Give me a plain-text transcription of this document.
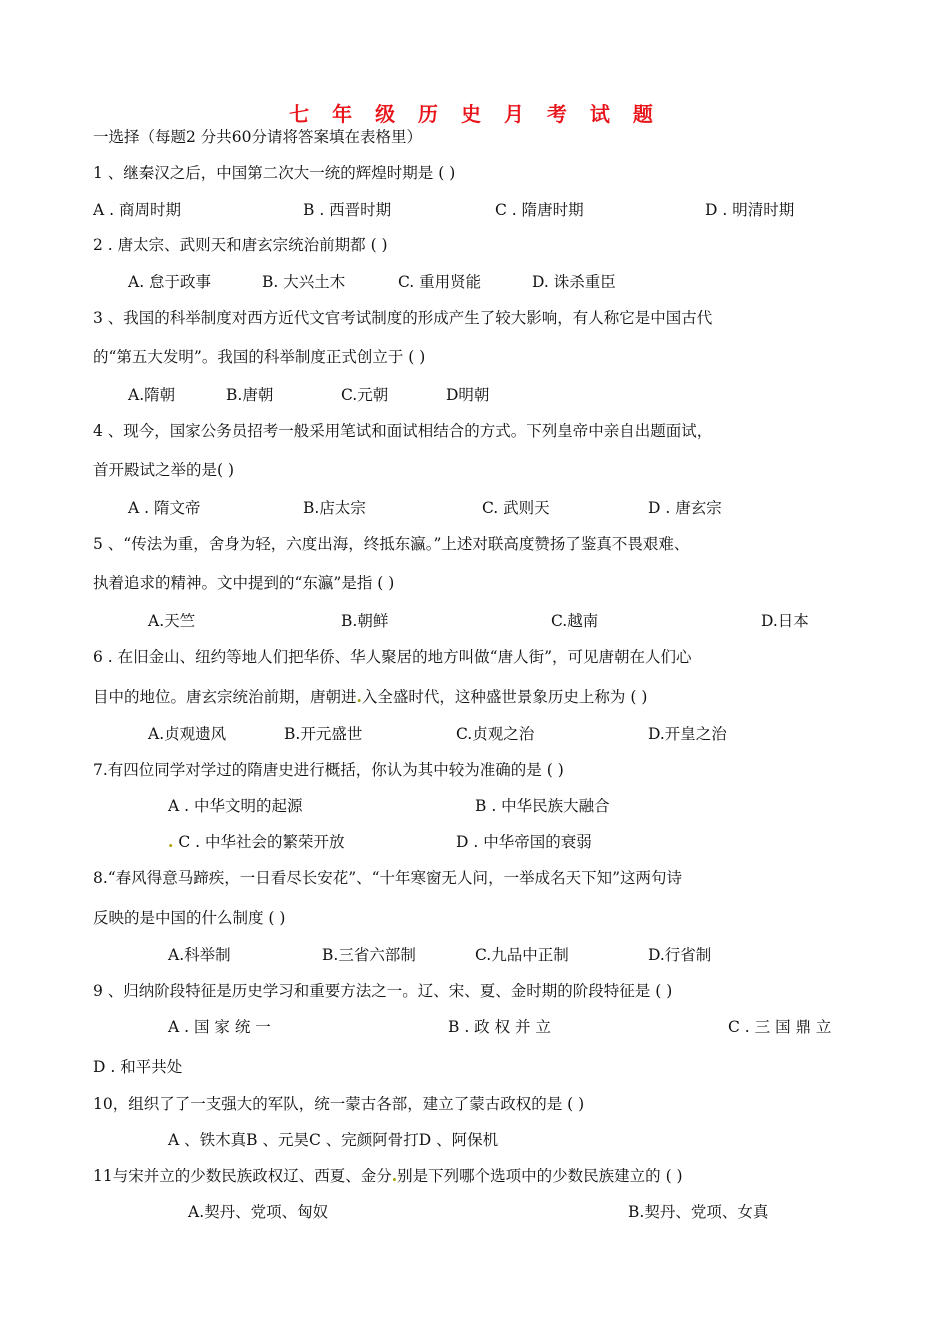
七 年 级 历 史 月 考 试 题
一选择（每题2 分共60分请将答案填在表格里）
1 、继秦汉之后，中国第二次大一统的辉煌时期是 ( )
A . 商周时期	B . 西晋时期	C . 隋唐时期	D . 明清时期
2 . 唐太宗、武则天和唐玄宗统治前期都 ( )
A. 怠于政事	B. 大兴土木	C. 重用贤能	D. 诛杀重臣
3 、我国的科举制度对西方近代文官考试制度的形成产生了较大影响，有人称它是中国古代
的“第五大发明”。我国的科举制度正式创立于 ( )
A.隋朝	B.唐朝	C.元朝	D明朝
4 、现今，国家公务员招考一般采用笔试和面试相结合的方式。下列皇帝中亲自出题面试，
首开殿试之举的是( )
A . 隋文帝	B.店太宗	C. 武则天	D . 唐玄宗
5 、“传法为重，舍身为轻，六度出海，终抵东瀛。”上述对联高度赞扬了鉴真不畏艰难、
执着追求的精神。文中提到的“东瀛”是指 ( )
A.天竺	B.朝鲜	C.越南	D.日本
6 . 在旧金山、纽约等地人们把华侨、华人聚居的地方叫做“唐人街”，可见唐朝在人们心
目中的地位。唐玄宗统治前期，唐朝进.入全盛时代，这种盛世景象历史上称为 ( )
A.贞观遗风	B.开元盛世	C.贞观之治	D.开皇之治
7.有四位同学对学过的隋唐史进行概括，你认为其中较为准确的是 ( )
A . 中华文明的起源	B . 中华民族大融合
. C . 中华社会的繁荣开放	D . 中华帝国的衰弱
8.“春风得意马蹄疾，一日看尽长安花”、“十年寒窗无人问，一举成名天下知”这两句诗
反映的是中国的什么制度 ( )
A.科举制	B.三省六部制	C.九品中正制	D.行省制
9 、归纳阶段特征是历史学习和重要方法之一。辽、宋、夏、金时期的阶段特征是 ( )
A . 国 家 统 一	B . 政 权 并 立	C . 三 国 鼎 立
D . 和平共处
10，组织了了一支强大的军队，统一蒙古各部，建立了蒙古政权的是 ( )
A 、铁木真B 、元昊C 、完颜阿骨打D 、阿保机
11与宋并立的少数民族政权辽、西夏、金分.别是下列哪个选项中的少数民族建立的 ( )
A.契丹、党项、匈奴	B.契丹、党项、女真
